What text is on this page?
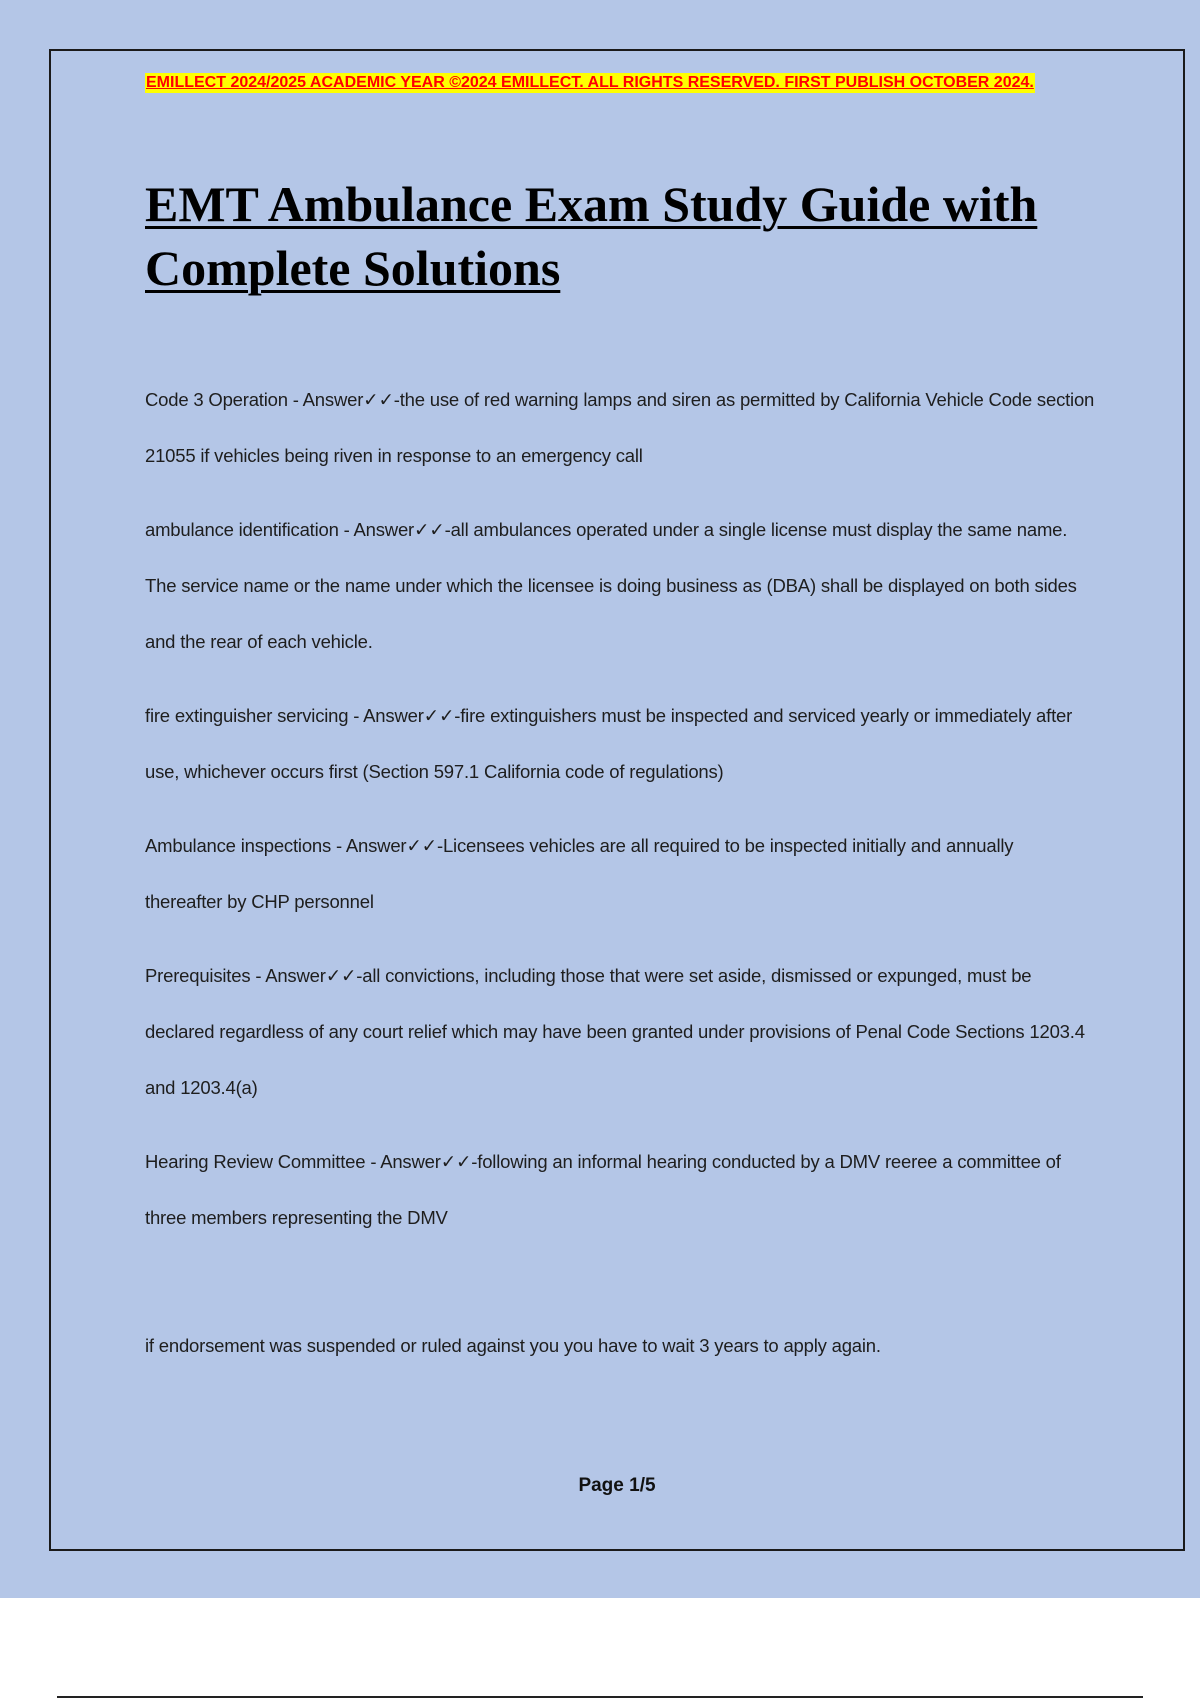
EMILLECT 2024/2025 ACADEMIC YEAR ©2024 EMILLECT. ALL RIGHTS RESERVED. FIRST PUBLISH OCTOBER 2024.
EMT Ambulance Exam Study Guide with Complete Solutions
Code 3 Operation - Answer✓✓-the use of red warning lamps and siren as permitted by California Vehicle Code section 21055 if vehicles being riven in response to an emergency call
ambulance identification - Answer✓✓-all ambulances operated under a single license must display the same name. The service name or the name under which the licensee is doing business as (DBA) shall be displayed on both sides and the rear of each vehicle.
fire extinguisher servicing - Answer✓✓-fire extinguishers must be inspected and serviced yearly or immediately after use, whichever occurs first (Section 597.1 California code of regulations)
Ambulance inspections - Answer✓✓-Licensees vehicles are all required to be inspected initially and annually thereafter by CHP personnel
Prerequisites - Answer✓✓-all convictions, including those that were set aside, dismissed or expunged, must be declared regardless of any court relief which may have been granted under provisions of Penal Code Sections 1203.4 and 1203.4(a)
Hearing Review Committee - Answer✓✓-following an informal hearing conducted by a DMV reeree a committee of three members representing the DMV

if endorsement was suspended or ruled against you you have to wait 3 years to apply again.

Page 1/5
